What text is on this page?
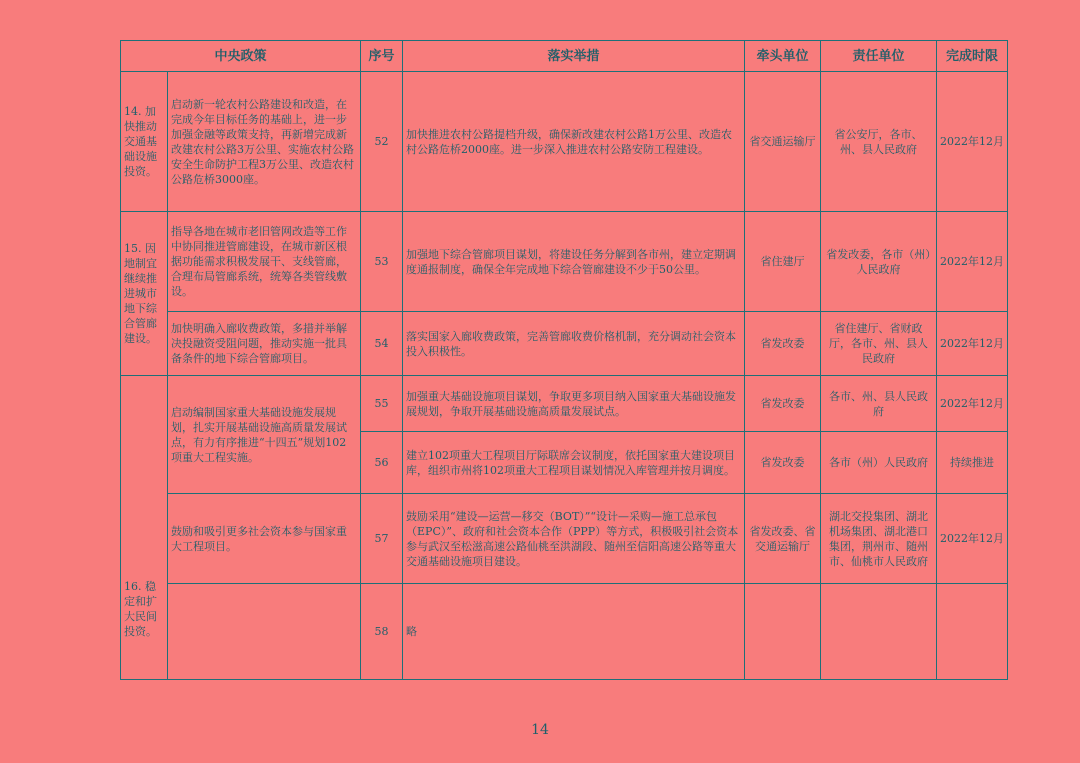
中央政策		序号	落实举措	牵头单位	责任单位	完成时限
14. 加快推动交通基础设施投资。	启动新一轮农村公路建设和改造，在完成今年目标任务的基础上，进一步加强金融等政策支持，再新增完成新改建农村公路3万公里、实施农村公路安全生命防护工程3万公里、改造农村公路危桥3000座。	52	加快推进农村公路提档升级，确保新改建农村公路1万公里、改造农村公路危桥2000座。进一步深入推进农村公路安防工程建设。	省交通运输厅	省公安厅，各市、州、县人民政府	2022年12月
15. 因地制宜继续推进城市地下综合管廊建设。	指导各地在城市老旧管网改造等工作中协同推进管廊建设，在城市新区根据功能需求积极发展干、支线管廊，合理布局管廊系统，统筹各类管线敷设。	53	加强地下综合管廊项目谋划，将建设任务分解到各市州，建立定期调度通报制度，确保全年完成地下综合管廊建设不少于50公里。	省住建厅	省发改委，各市（州）人民政府	2022年12月
	加快明确入廊收费政策，多措并举解决投融资受阻问题，推动实施一批具备条件的地下综合管廊项目。	54	落实国家入廊收费政策，完善管廊收费价格机制，充分调动社会资本投入积极性。	省发改委	省住建厅、省财政厅，各市、州、县人民政府	2022年12月
16. 稳定和扩大民间投资。	启动编制国家重大基础设施发展规划，扎实开展基础设施高质量发展试点，有力有序推进“十四五”规划102项重大工程实施。	55	加强重大基础设施项目谋划，争取更多项目纳入国家重大基础设施发展规划，争取开展基础设施高质量发展试点。	省发改委	各市、州、县人民政府	2022年12月
		56	建立102项重大工程项目厅际联席会议制度，依托国家重大建设项目库，组织市州将102项重大工程项目谋划情况入库管理并按月调度。	省发改委	各市（州）人民政府	持续推进
	鼓励和吸引更多社会资本参与国家重大工程项目。	57	鼓励采用“建设—运营—移交（BOT）”“设计—采购—施工总承包（EPC）”、政府和社会资本合作（PPP）等方式，积极吸引社会资本参与武汉至松滋高速公路仙桃至洪湖段、随州至信阳高速公路等重大交通基础设施项目建设。	省发改委、省交通运输厅	湖北交投集团、湖北机场集团、湖北港口集团，荆州市、随州市、仙桃市人民政府	2022年12月
		58	略			
14
